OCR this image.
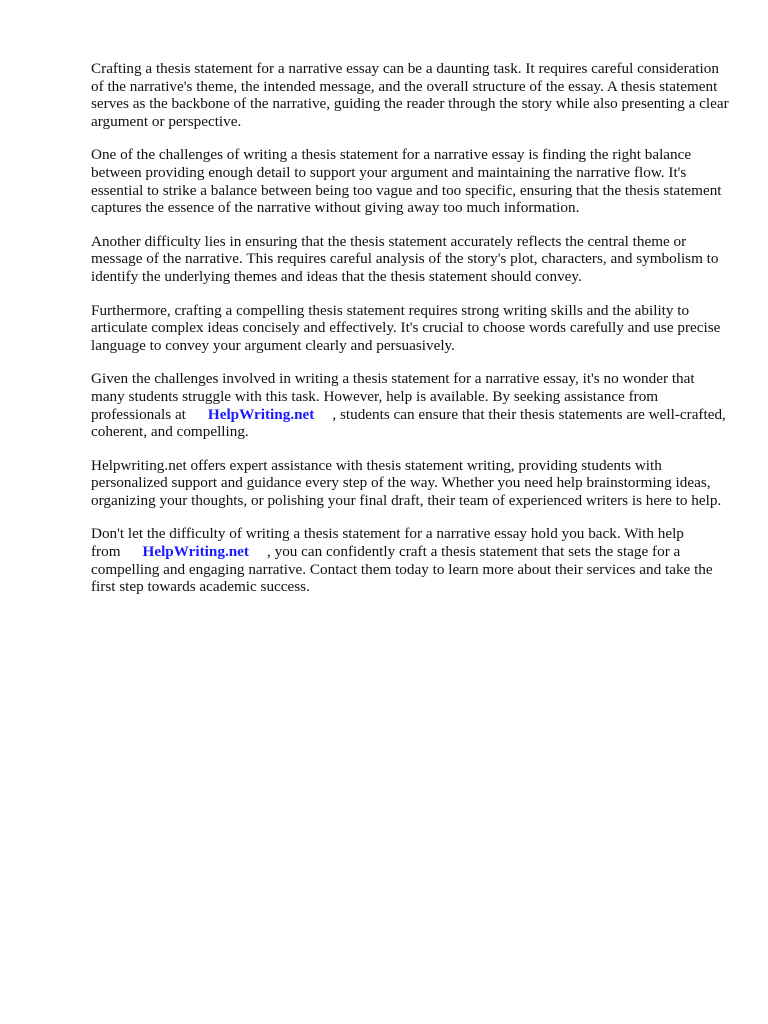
Crafting a thesis statement for a narrative essay can be a daunting task. It requires careful consideration of the narrative's theme, the intended message, and the overall structure of the essay. A thesis statement serves as the backbone of the narrative, guiding the reader through the story while also presenting a clear argument or perspective.

One of the challenges of writing a thesis statement for a narrative essay is finding the right balance between providing enough detail to support your argument and maintaining the narrative flow. It's essential to strike a balance between being too vague and too specific, ensuring that the thesis statement captures the essence of the narrative without giving away too much information.

Another difficulty lies in ensuring that the thesis statement accurately reflects the central theme or message of the narrative. This requires careful analysis of the story's plot, characters, and symbolism to identify the underlying themes and ideas that the thesis statement should convey.

Furthermore, crafting a compelling thesis statement requires strong writing skills and the ability to articulate complex ideas concisely and effectively. It's crucial to choose words carefully and use precise language to convey your argument clearly and persuasively.

Given the challenges involved in writing a thesis statement for a narrative essay, it's no wonder that many students struggle with this task. However, help is available. By seeking assistance from professionals at HelpWriting.net , students can ensure that their thesis statements are well-crafted, coherent, and compelling.

Helpwriting.net offers expert assistance with thesis statement writing, providing students with personalized support and guidance every step of the way. Whether you need help brainstorming ideas, organizing your thoughts, or polishing your final draft, their team of experienced writers is here to help.

Don't let the difficulty of writing a thesis statement for a narrative essay hold you back. With help from HelpWriting.net , you can confidently craft a thesis statement that sets the stage for a compelling and engaging narrative. Contact them today to learn more about their services and take the first step towards academic success.
